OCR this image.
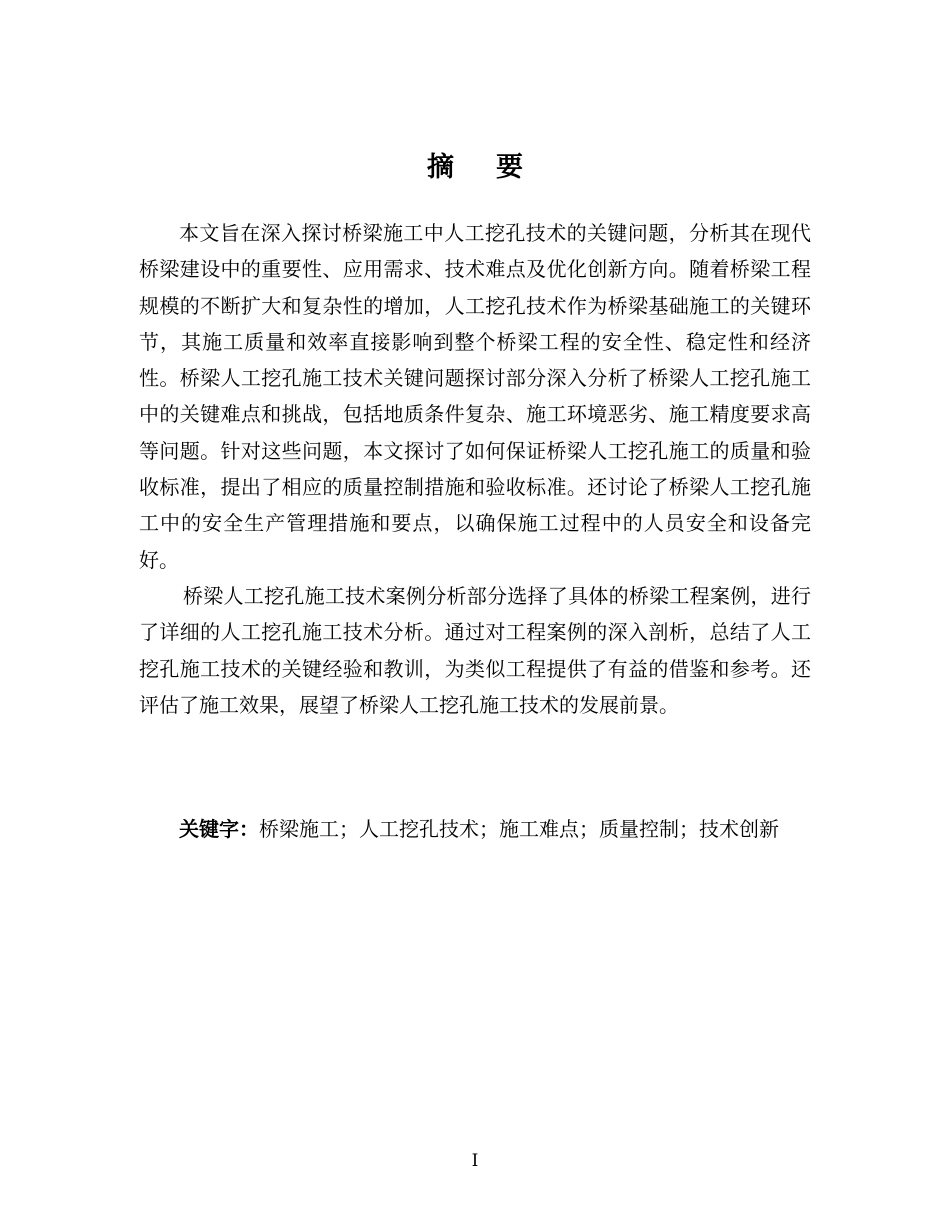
摘要

本文旨在深入探讨桥梁施工中人工挖孔技术的关键问题，分析其在现代桥梁建设中的重要性、应用需求、技术难点及优化创新方向。随着桥梁工程规模的不断扩大和复杂性的增加，人工挖孔技术作为桥梁基础施工的关键环节，其施工质量和效率直接影响到整个桥梁工程的安全性、稳定性和经济性。桥梁人工挖孔施工技术关键问题探讨部分深入分析了桥梁人工挖孔施工中的关键难点和挑战，包括地质条件复杂、施工环境恶劣、施工精度要求高等问题。针对这些问题，本文探讨了如何保证桥梁人工挖孔施工的质量和验收标准，提出了相应的质量控制措施和验收标准。还讨论了桥梁人工挖孔施工中的安全生产管理措施和要点，以确保施工过程中的人员安全和设备完好。

桥梁人工挖孔施工技术案例分析部分选择了具体的桥梁工程案例，进行了详细的人工挖孔施工技术分析。通过对工程案例的深入剖析，总结了人工挖孔施工技术的关键经验和教训，为类似工程提供了有益的借鉴和参考。还评估了施工效果，展望了桥梁人工挖孔施工技术的发展前景。

关键字：桥梁施工；人工挖孔技术；施工难点；质量控制；技术创新
I
